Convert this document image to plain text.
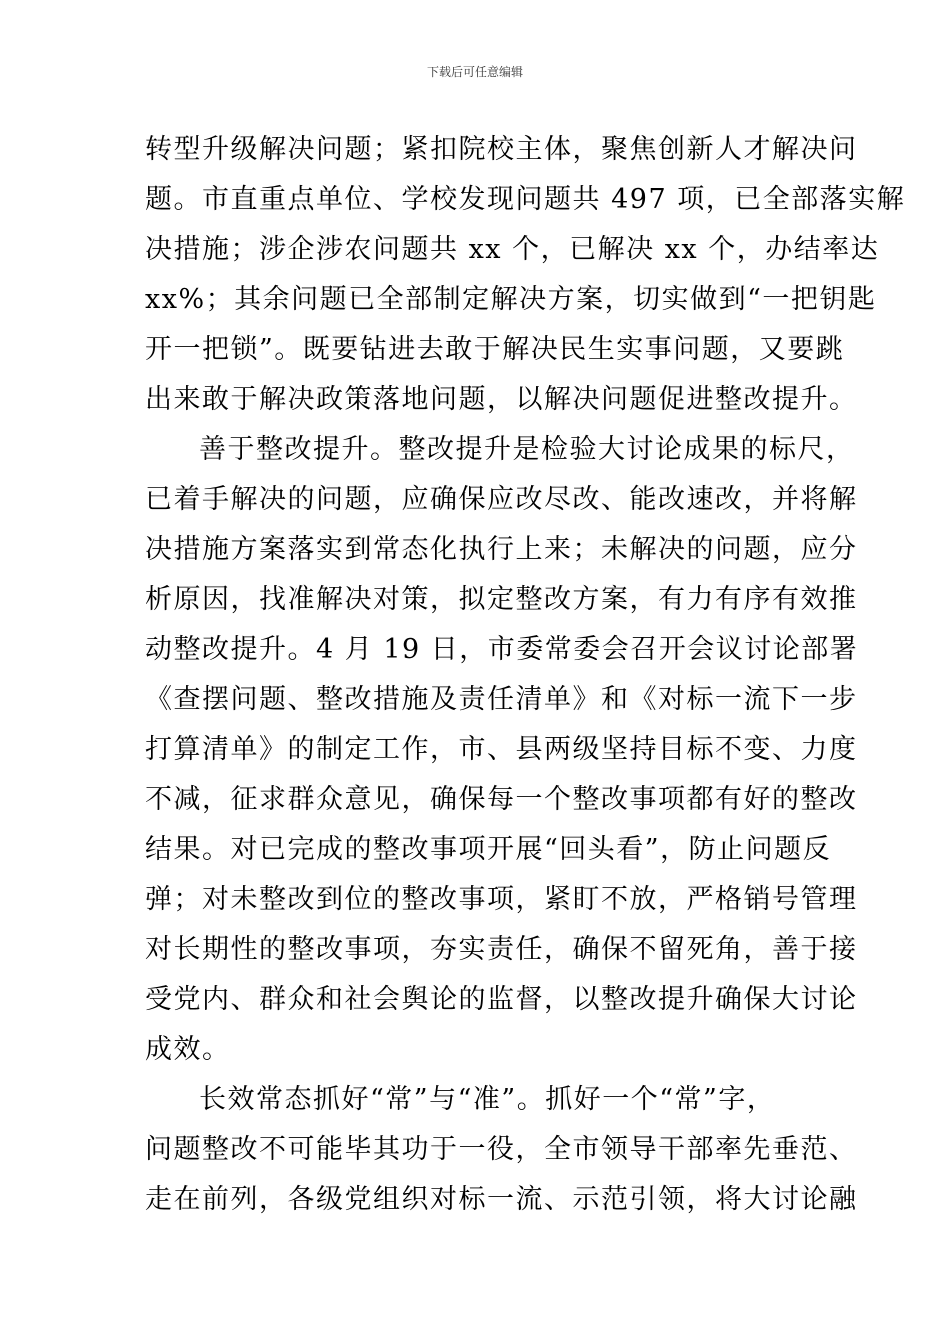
下载后可任意编辑
转型升级解决问题；紧扣院校主体，聚焦创新人才解决问
题。市直重点单位、学校发现问题共 497 项，已全部落实解
决措施；涉企涉农问题共 xx 个，已解决 xx 个，办结率达
xx%；其余问题已全部制定解决方案，切实做到“一把钥匙
开一把锁”。既要钻进去敢于解决民生实事问题，又要跳
出来敢于解决政策落地问题，以解决问题促进整改提升。
善于整改提升。整改提升是检验大讨论成果的标尺，
已着手解决的问题，应确保应改尽改、能改速改，并将解
决措施方案落实到常态化执行上来；未解决的问题，应分
析原因，找准解决对策，拟定整改方案，有力有序有效推
动整改提升。4 月 19 日，市委常委会召开会议讨论部署
《查摆问题、整改措施及责任清单》和《对标一流下一步
打算清单》的制定工作，市、县两级坚持目标不变、力度
不减，征求群众意见，确保每一个整改事项都有好的整改
结果。对已完成的整改事项开展“回头看”，防止问题反
弹；对未整改到位的整改事项，紧盯不放，严格销号管理
对长期性的整改事项，夯实责任，确保不留死角，善于接
受党内、群众和社会舆论的监督，以整改提升确保大讨论
成效。
长效常态抓好“常”与“准”。抓好一个“常”字，
问题整改不可能毕其功于一役，全市领导干部率先垂范、
走在前列，各级党组织对标一流、示范引领，将大讨论融
